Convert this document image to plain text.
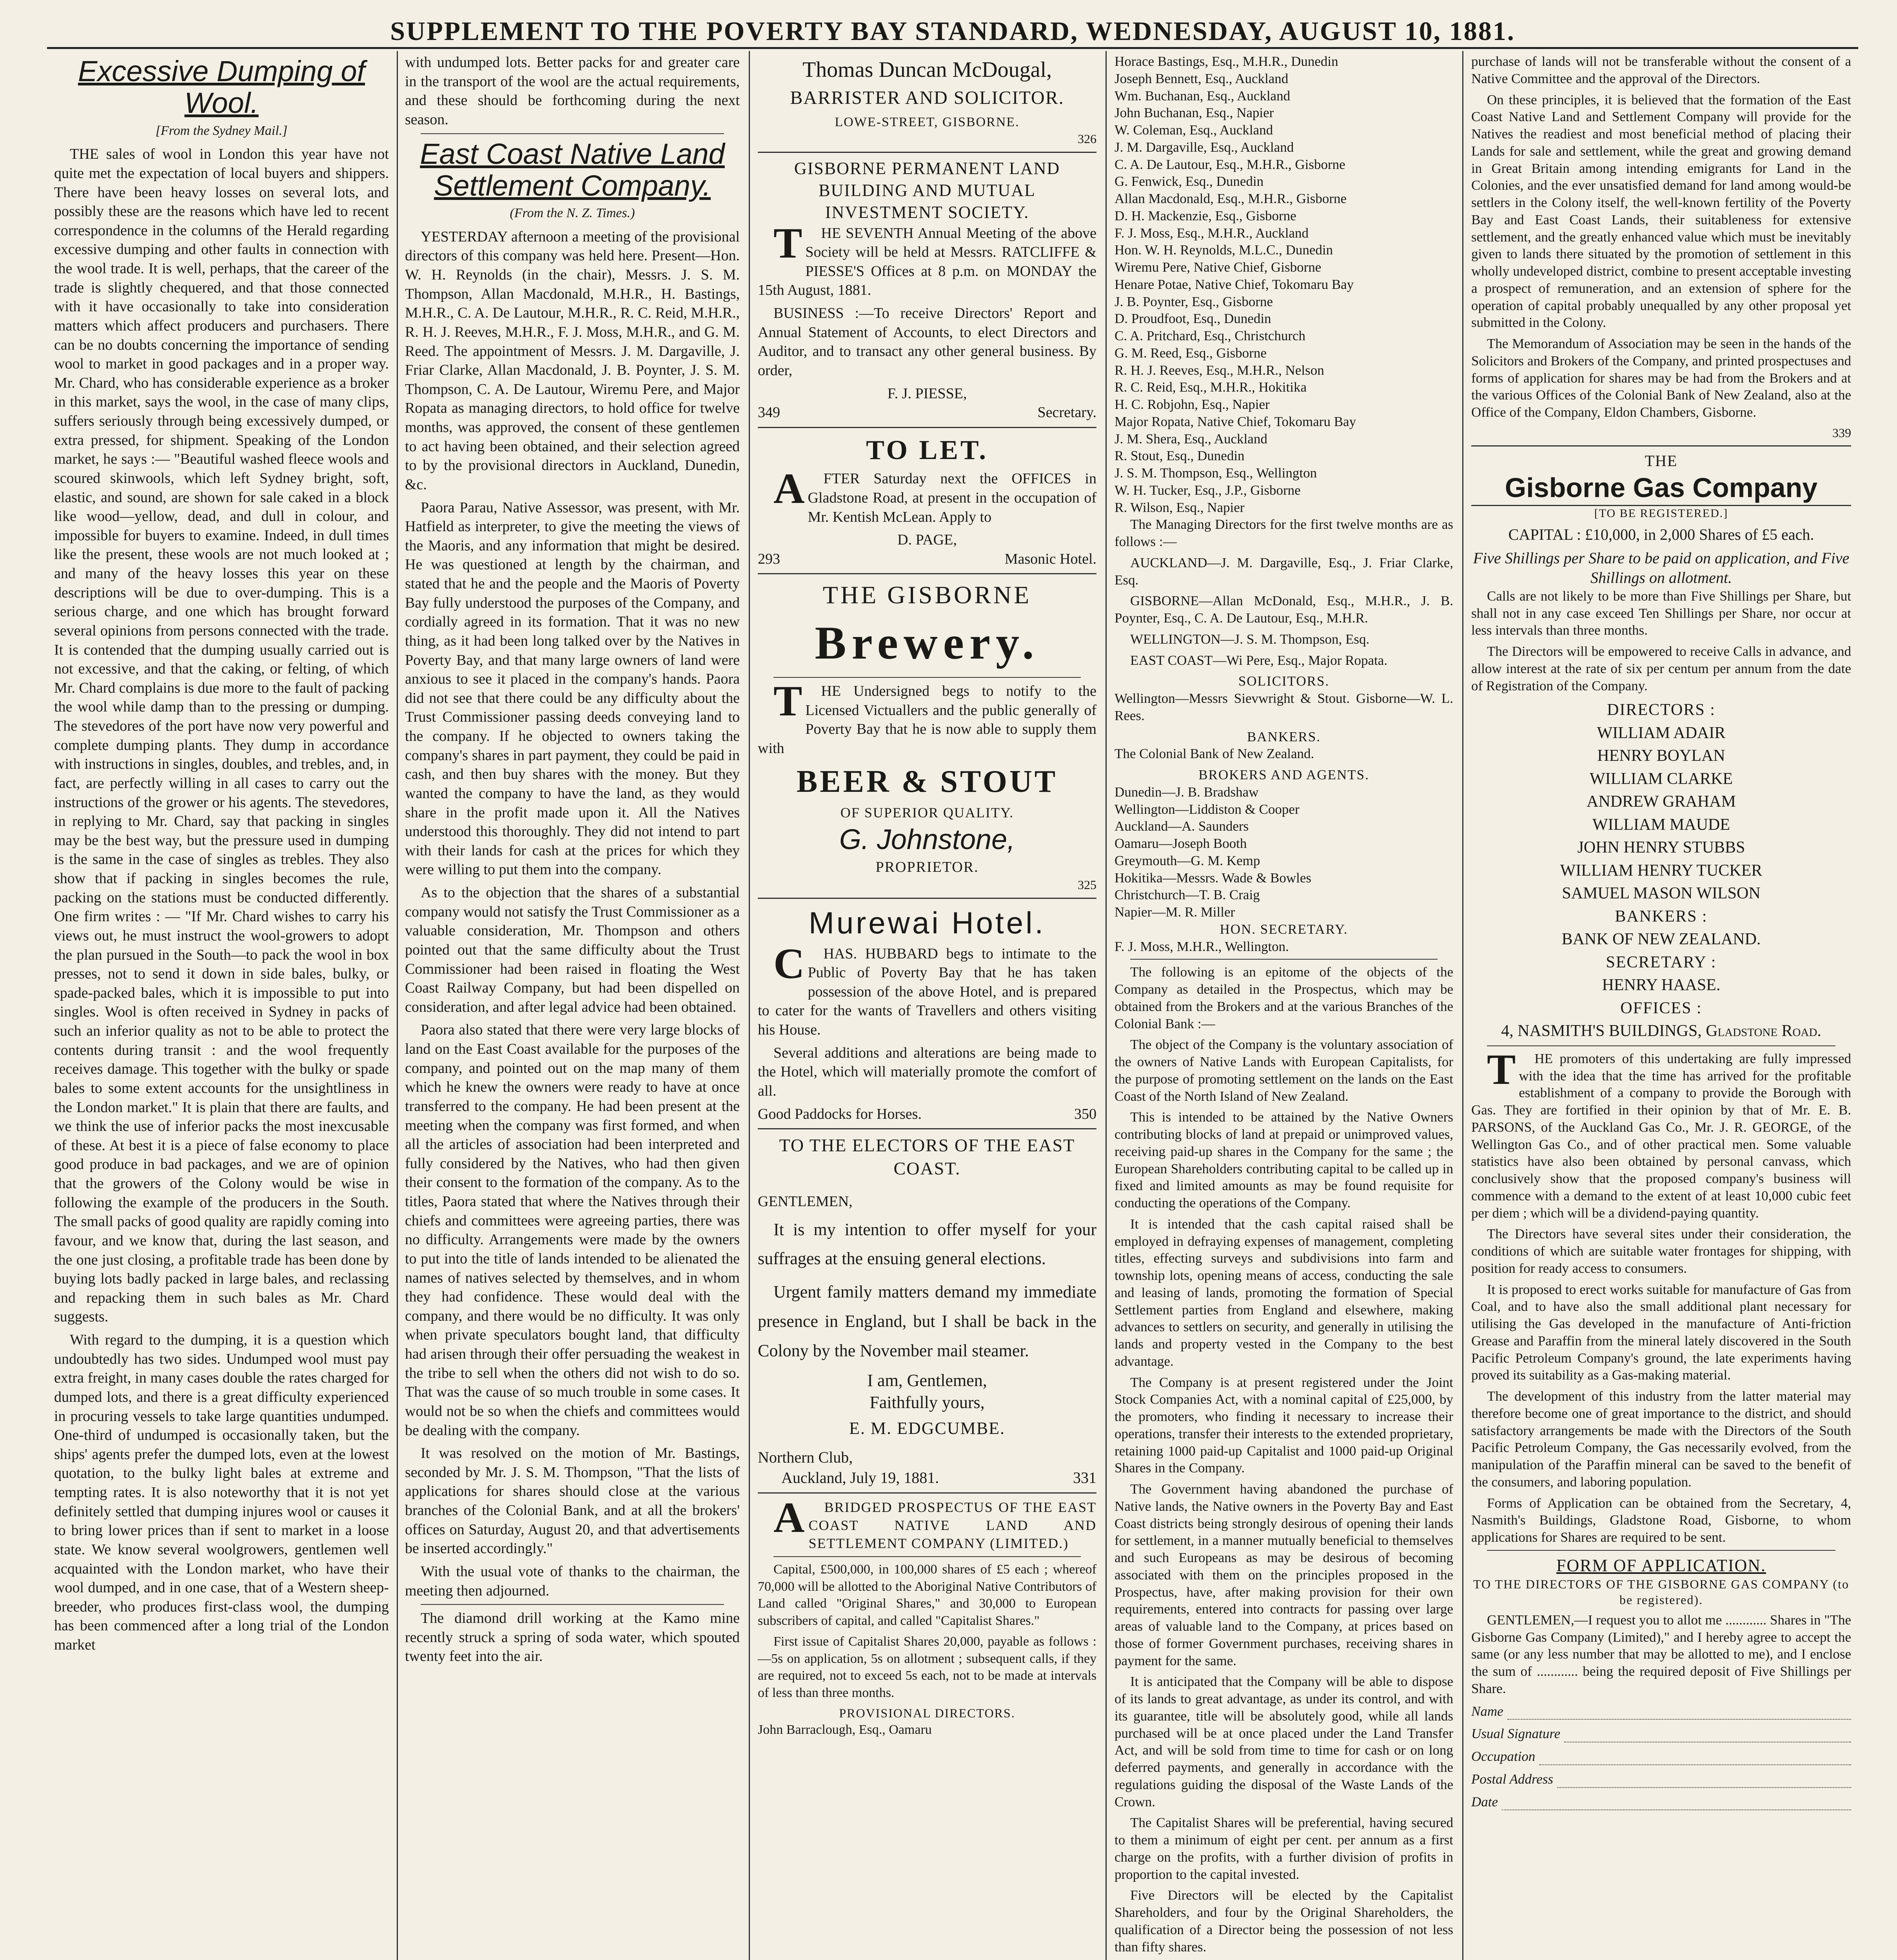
SUPPLEMENT TO THE POVERTY BAY STANDARD, WEDNESDAY, AUGUST 10, 1881.
Excessive Dumping of Wool.
[From the Sydney Mail.]

THE sales of wool in London this year have not quite met the expectation of local buyers and shippers. There have been heavy losses on several lots, and possibly these are the reasons which have led to recent correspondence in the columns of the Herald regarding excessive dumping and other faults in connection with the wool trade. It is well, perhaps, that the career of the trade is slightly chequered, and that those connected with it have occasionally to take into consideration matters which affect producers and purchasers. There can be no doubts concerning the importance of sending wool to market in good packages and in a proper way. Mr. Chard, who has considerable experience as a broker in this market, says the wool, in the case of many clips, suffers seriously through being excessively dumped, or extra pressed, for shipment. Speaking of the London market, he says :— "Beautiful washed fleece wools and scoured skinwools, which left Sydney bright, soft, elastic, and sound, are shown for sale caked in a block like wood—yellow, dead, and dull in colour, and impossible for buyers to examine. Indeed, in dull times like the present, these wools are not much looked at ; and many of the heavy losses this year on these descriptions will be due to over-dumping. This is a serious charge, and one which has brought forward several opinions from persons connected with the trade. It is contended that the dumping usually carried out is not excessive, and that the caking, or felting, of which Mr. Chard complains is due more to the fault of packing the wool while damp than to the pressing or dumping. The stevedores of the port have now very powerful and complete dumping plants. They dump in accordance with instructions in singles, doubles, and trebles, and, in fact, are perfectly willing in all cases to carry out the instructions of the grower or his agents. The stevedores, in replying to Mr. Chard, say that packing in singles may be the best way, but the pressure used in dumping is the same in the case of singles as trebles. They also show that if packing in singles becomes the rule, packing on the stations must be conducted differently. One firm writes : — "If Mr. Chard wishes to carry his views out, he must instruct the wool-growers to adopt the plan pursued in the South—to pack the wool in box presses, not to send it down in side bales, bulky, or spade-packed bales, which it is impossible to put into singles. Wool is often received in Sydney in packs of such an inferior quality as not to be able to protect the contents during transit : and the wool frequently receives damage. This together with the bulky or spade bales to some extent accounts for the unsightliness in the London market." It is plain that there are faults, and we think the use of inferior packs the most inexcusable of these. At best it is a piece of false economy to place good produce in bad packages, and we are of opinion that the growers of the Colony would be wise in following the example of the producers in the South. The small packs of good quality are rapidly coming into favour, and we know that, during the last season, and the one just closing, a profitable trade has been done by buying lots badly packed in large bales, and reclassing and repacking them in such bales as Mr. Chard suggests.

With regard to the dumping, it is a question which undoubtedly has two sides. Undumped wool must pay extra freight, in many cases double the rates charged for dumped lots, and there is a great difficulty experienced in procuring vessels to take large quantities undumped. One-third of undumped is occasionally taken, but the ships' agents prefer the dumped lots, even at the lowest quotation, to the bulky light bales at extreme and tempting rates. It is also noteworthy that it is not yet definitely settled that dumping injures wool or causes it to bring lower prices than if sent to market in a loose state. We know several woolgrowers, gentlemen well acquainted with the London market, who have their wool dumped, and in one case, that of a Western sheep-breeder, who produces first-class wool, the dumping has been commenced after a long trial of the London market

with undumped lots. Better packs for and greater care in the transport of the wool are the actual requirements, and these should be forthcoming during the next season.

East Coast Native Land Settlement Company.
(From the N. Z. Times.)

YESTERDAY afternoon a meeting of the provisional directors of this company was held here. Present—Hon. W. H. Reynolds (in the chair), Messrs. J. S. M. Thompson, Allan Macdonald, M.H.R., H. Bastings, M.H.R., C. A. De Lautour, M.H.R., R. C. Reid, M.H.R., R. H. J. Reeves, M.H.R., F. J. Moss, M.H.R., and G. M. Reed. The appointment of Messrs. J. M. Dargaville, J. Friar Clarke, Allan Macdonald, J. B. Poynter, J. S. M. Thompson, C. A. De Lautour, Wiremu Pere, and Major Ropata as managing directors, to hold office for twelve months, was approved, the consent of these gentlemen to act having been obtained, and their selection agreed to by the provisional directors in Auckland, Dunedin, &c.

Paora Parau, Native Assessor, was present, with Mr. Hatfield as interpreter, to give the meeting the views of the Maoris, and any information that might be desired. He was questioned at length by the chairman, and stated that he and the people and the Maoris of Poverty Bay fully understood the purposes of the Company, and cordially agreed in its formation. That it was no new thing, as it had been long talked over by the Natives in Poverty Bay, and that many large owners of land were anxious to see it placed in the company's hands. Paora did not see that there could be any difficulty about the Trust Commissioner passing deeds conveying land to the company. If he objected to owners taking the company's shares in part payment, they could be paid in cash, and then buy shares with the money. But they wanted the company to have the land, as they would share in the profit made upon it. All the Natives understood this thoroughly. They did not intend to part with their lands for cash at the prices for which they were willing to put them into the company.

As to the objection that the shares of a substantial company would not satisfy the Trust Commissioner as a valuable consideration, Mr. Thompson and others pointed out that the same difficulty about the Trust Commissioner had been raised in floating the West Coast Railway Company, but had been dispelled on consideration, and after legal advice had been obtained.

Paora also stated that there were very large blocks of land on the East Coast available for the purposes of the company, and pointed out on the map many of them which he knew the owners were ready to have at once transferred to the company. He had been present at the meeting when the company was first formed, and when all the articles of association had been interpreted and fully considered by the Natives, who had then given their consent to the formation of the company. As to the titles, Paora stated that where the Natives through their chiefs and committees were agreeing parties, there was no difficulty. Arrangements were made by the owners to put into the title of lands intended to be alienated the names of natives selected by themselves, and in whom they had confidence. These would deal with the company, and there would be no difficulty. It was only when private speculators bought land, that difficulty had arisen through their offer persuading the weakest in the tribe to sell when the others did not wish to do so. That was the cause of so much trouble in some cases. It would not be so when the chiefs and committees would be dealing with the company.

It was resolved on the motion of Mr. Bastings, seconded by Mr. J. S. M. Thompson, "That the lists of applications for shares should close at the various branches of the Colonial Bank, and at all the brokers' offices on Saturday, August 20, and that advertisements be inserted accordingly."

With the usual vote of thanks to the chairman, the meeting then adjourned.

The diamond drill working at the Kamo mine recently struck a spring of soda water, which spouted twenty feet into the air.

Thomas Duncan McDougal,
BARRISTER AND SOLICITOR.
LOWE-STREET, GISBORNE.
326
GISBORNE PERMANENT LAND BUILDING AND MUTUAL INVESTMENT SOCIETY.

THE SEVENTH Annual Meeting of the above Society will be held at Messrs. RATCLIFFE & PIESSE'S Offices at 8 p.m. on MONDAY the 15th August, 1881.

BUSINESS :—To receive Directors' Report and Annual Statement of Accounts, to elect Directors and Auditor, and to transact any other general business. By order,

F. J. PIESSE,
349	Secretary.
TO LET.

AFTER Saturday next the OFFICES in Gladstone Road, at present in the occupation of Mr. Kentish McLean. Apply to

D. PAGE,
293	Masonic Hotel.
THE GISBORNE
Brewery.

THE Undersigned begs to notify to the Licensed Victuallers and the public generally of Poverty Bay that he is now able to supply them with

BEER & STOUT
OF SUPERIOR QUALITY.
G. Johnstone,
PROPRIETOR.
325
Murewai Hotel.

CHAS. HUBBARD begs to intimate to the Public of Poverty Bay that he has taken possession of the above Hotel, and is prepared to cater for the wants of Travellers and others visiting his House.

Several additions and alterations are being made to the Hotel, which will materially promote the comfort of all.

Good Paddocks for Horses.	350
TO THE ELECTORS OF THE EAST COAST.

GENTLEMEN,

It is my intention to offer myself for your suffrages at the ensuing general elections.

Urgent family matters demand my immediate presence in England, but I shall be back in the Colony by the November mail steamer.

I am, Gentlemen,
Faithfully yours,
E. M. EDGCUMBE.
Northern Club,
Auckland, July 19, 1881.	331

ABRIDGED PROSPECTUS OF THE EAST COAST NATIVE LAND AND SETTLEMENT COMPANY (LIMITED.)

Capital, £500,000, in 100,000 shares of £5 each ; whereof 70,000 will be allotted to the Aboriginal Native Contributors of Land called "Original Shares," and 30,000 to European subscribers of capital, and called "Capitalist Shares."

First issue of Capitalist Shares 20,000, payable as follows :—5s on application, 5s on allotment ; subsequent calls, if they are required, not to exceed 5s each, not to be made at intervals of less than three months.

PROVISIONAL DIRECTORS.
John Barraclough, Esq., Oamaru
Horace Bastings, Esq., M.H.R., Dunedin
Joseph Bennett, Esq., Auckland
Wm. Buchanan, Esq., Auckland
John Buchanan, Esq., Napier
W. Coleman, Esq., Auckland
J. M. Dargaville, Esq., Auckland
C. A. De Lautour, Esq., M.H.R., Gisborne
G. Fenwick, Esq., Dunedin
Allan Macdonald, Esq., M.H.R., Gisborne
D. H. Mackenzie, Esq., Gisborne
F. J. Moss, Esq., M.H.R., Auckland
Hon. W. H. Reynolds, M.L.C., Dunedin
Wiremu Pere, Native Chief, Gisborne
Henare Potae, Native Chief, Tokomaru Bay
J. B. Poynter, Esq., Gisborne
D. Proudfoot, Esq., Dunedin
C. A. Pritchard, Esq., Christchurch
G. M. Reed, Esq., Gisborne
R. H. J. Reeves, Esq., M.H.R., Nelson
R. C. Reid, Esq., M.H.R., Hokitika
H. C. Robjohn, Esq., Napier
Major Ropata, Native Chief, Tokomaru Bay
J. M. Shera, Esq., Auckland
R. Stout, Esq., Dunedin
J. S. M. Thompson, Esq., Wellington
W. H. Tucker, Esq., J.P., Gisborne
R. Wilson, Esq., Napier

The Managing Directors for the first twelve months are as follows :—

AUCKLAND—J. M. Dargaville, Esq., J. Friar Clarke, Esq.

GISBORNE—Allan McDonald, Esq., M.H.R., J. B. Poynter, Esq., C. A. De Lautour, Esq., M.H.R.

WELLINGTON—J. S. M. Thompson, Esq.

EAST COAST—Wi Pere, Esq., Major Ropata.

SOLICITORS.

Wellington—Messrs Sievwright & Stout. Gisborne—W. L. Rees.

BANKERS.

The Colonial Bank of New Zealand.

BROKERS AND AGENTS.
Dunedin—J. B. Bradshaw
Wellington—Liddiston & Cooper
Auckland—A. Saunders
Oamaru—Joseph Booth
Greymouth—G. M. Kemp
Hokitika—Messrs. Wade & Bowles
Christchurch—T. B. Craig
Napier—M. R. Miller
HON. SECRETARY.

F. J. Moss, M.H.R., Wellington.

The following is an epitome of the objects of the Company as detailed in the Prospectus, which may be obtained from the Brokers and at the various Branches of the Colonial Bank :—

The object of the Company is the voluntary association of the owners of Native Lands with European Capitalists, for the purpose of promoting settlement on the lands on the East Coast of the North Island of New Zealand.

This is intended to be attained by the Native Owners contributing blocks of land at prepaid or unimproved values, receiving paid-up shares in the Company for the same ; the European Shareholders contributing capital to be called up in fixed and limited amounts as may be found requisite for conducting the operations of the Company.

It is intended that the cash capital raised shall be employed in defraying expenses of management, completing titles, effecting surveys and subdivisions into farm and township lots, opening means of access, conducting the sale and leasing of lands, promoting the formation of Special Settlement parties from England and elsewhere, making advances to settlers on security, and generally in utilising the lands and property vested in the Company to the best advantage.

The Company is at present registered under the Joint Stock Companies Act, with a nominal capital of £25,000, by the promoters, who finding it necessary to increase their operations, transfer their interests to the extended proprietary, retaining 1000 paid-up Capitalist and 1000 paid-up Original Shares in the Company.

The Government having abandoned the purchase of Native lands, the Native owners in the Poverty Bay and East Coast districts being strongly desirous of opening their lands for settlement, in a manner mutually beneficial to themselves and such Europeans as may be desirous of becoming associated with them on the principles proposed in the Prospectus, have, after making provision for their own requirements, entered into contracts for passing over large areas of valuable land to the Company, at prices based on those of former Government purchases, receiving shares in payment for the same.

It is anticipated that the Company will be able to dispose of its lands to great advantage, as under its control, and with its guarantee, title will be absolutely good, while all lands purchased will be at once placed under the Land Transfer Act, and will be sold from time to time for cash or on long deferred payments, and generally in accordance with the regulations guiding the disposal of the Waste Lands of the Crown.

The Capitalist Shares will be preferential, having secured to them a minimum of eight per cent. per annum as a first charge on the profits, with a further division of profits in proportion to the capital invested.

Five Directors will be elected by the Capitalist Shareholders, and four by the Original Shareholders, the qualification of a Director being the possession of not less than fifty shares.

purchase of lands will not be transferable without the consent of a Native Committee and the approval of the Directors.

On these principles, it is believed that the formation of the East Coast Native Land and Settlement Company will provide for the Natives the readiest and most beneficial method of placing their Lands for sale and settlement, while the great and growing demand in Great Britain among intending emigrants for Land in the Colonies, and the ever unsatisfied demand for land among would-be settlers in the Colony itself, the well-known fertility of the Poverty Bay and East Coast Lands, their suitableness for extensive settlement, and the greatly enhanced value which must be inevitably given to lands there situated by the promotion of settlement in this wholly undeveloped district, combine to present acceptable investing a prospect of remuneration, and an extension of sphere for the operation of capital probably unequalled by any other proposal yet submitted in the Colony.

The Memorandum of Association may be seen in the hands of the Solicitors and Brokers of the Company, and printed prospectuses and forms of application for shares may be had from the Brokers and at the various Offices of the Colonial Bank of New Zealand, also at the Office of the Company, Eldon Chambers, Gisborne.

339
THE
Gisborne Gas Company
[TO BE REGISTERED.]
CAPITAL : £10,000, in 2,000 Shares of £5 each.
Five Shillings per Share to be paid on application, and Five Shillings on allotment.

Calls are not likely to be more than Five Shillings per Share, but shall not in any case exceed Ten Shillings per Share, nor occur at less intervals than three months.

The Directors will be empowered to receive Calls in advance, and allow interest at the rate of six per centum per annum from the date of Registration of the Company.

DIRECTORS :
WILLIAM ADAIR
HENRY BOYLAN
WILLIAM CLARKE
ANDREW GRAHAM
WILLIAM MAUDE
JOHN HENRY STUBBS
WILLIAM HENRY TUCKER
SAMUEL MASON WILSON
BANKERS :
BANK OF NEW ZEALAND.
SECRETARY :
HENRY HAASE.
OFFICES :
4, NASMITH'S BUILDINGS, Gladstone Road.

THE promoters of this undertaking are fully impressed with the idea that the time has arrived for the profitable establishment of a company to provide the Borough with Gas. They are fortified in their opinion by that of Mr. E. B. PARSONS, of the Auckland Gas Co., Mr. J. R. GEORGE, of the Wellington Gas Co., and of other practical men. Some valuable statistics have also been obtained by personal canvass, which conclusively show that the proposed company's business will commence with a demand to the extent of at least 10,000 cubic feet per diem ; which will be a dividend-paying quantity.

The Directors have several sites under their consideration, the conditions of which are suitable water frontages for shipping, with position for ready access to consumers.

It is proposed to erect works suitable for manufacture of Gas from Coal, and to have also the small additional plant necessary for utilising the Gas developed in the manufacture of Anti-friction Grease and Paraffin from the mineral lately discovered in the South Pacific Petroleum Company's ground, the late experiments having proved its suitability as a Gas-making material.

The development of this industry from the latter material may therefore become one of great importance to the district, and should satisfactory arrangements be made with the Directors of the South Pacific Petroleum Company, the Gas necessarily evolved, from the manipulation of the Paraffin mineral can be saved to the benefit of the consumers, and laboring population.

Forms of Application can be obtained from the Secretary, 4, Nasmith's Buildings, Gladstone Road, Gisborne, to whom applications for Shares are required to be sent.

FORM OF APPLICATION.

TO THE DIRECTORS OF THE GISBORNE GAS COMPANY (to be registered).

GENTLEMEN,—I request you to allot me ............ Shares in "The Gisborne Gas Company (Limited)," and I hereby agree to accept the same (or any less number that may be allotted to me), and I enclose the sum of ............ being the required deposit of Five Shillings per Share.

Name
Usual Signature
Occupation
Postal Address
Date
